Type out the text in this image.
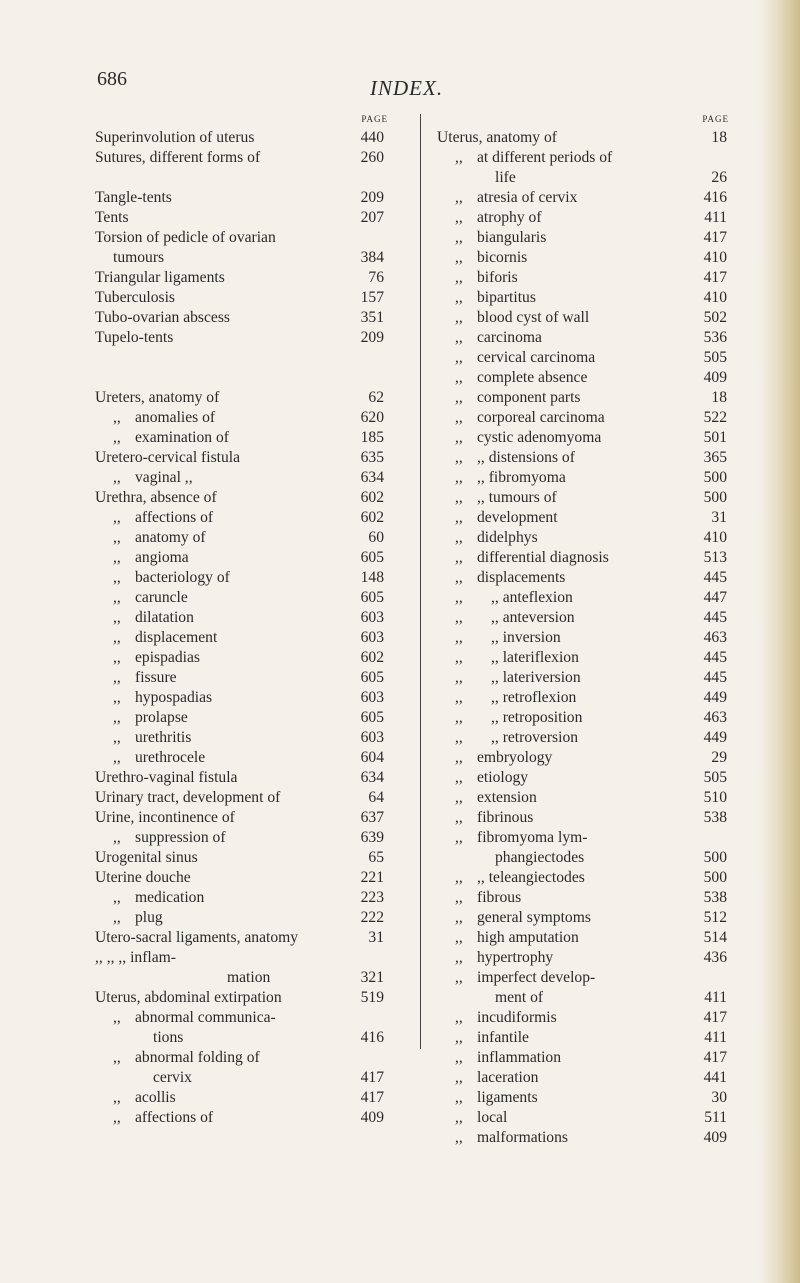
686	INDEX.
PAGE
Superinvolution of uterus	440
Sutures, different forms of	260
Tangle-tents	209
Tents	207
Torsion of pedicle of ovarian
tumours	384
Triangular ligaments	76
Tuberculosis	157
Tubo-ovarian abscess	351
Tupelo-tents	209
Ureters, anatomy of	62
,, anomalies of	620
,, examination of	185
Uretero-cervical fistula	635
,, vaginal ,,	634
Urethra, absence of	602
,, affections of	602
,, anatomy of	60
,, angioma	605
,, bacteriology of	148
,, caruncle	605
,, dilatation	603
,, displacement	603
,, epispadias	602
,, fissure	605
,, hypospadias	603
,, prolapse	605
,, urethritis	603
,, urethrocele	604
Urethro-vaginal fistula	634
Urinary tract, development of	64
Urine, incontinence of	637
,, suppression of	639
Urogenital sinus	65
Uterine douche	221
,, medication	223
,, plug	222
Utero-sacral ligaments, anatomy	31
,, ,, ,, inflam-
mation	321
Uterus, abdominal extirpation	519
,, abnormal communica-
tions	416
,, abnormal folding of
cervix	417
,, acollis	417
,, affections of	409
PAGE
Uterus, anatomy of	18
,, at different periods of
life	26
,, atresia of cervix	416
,, atrophy of	411
,, biangularis	417
,, bicornis	410
,, biforis	417
,, bipartitus	410
,, blood cyst of wall	502
,, carcinoma	536
,, cervical carcinoma	505
,, complete absence	409
,, component parts	18
,, corporeal carcinoma	522
,, cystic adenomyoma	501
,, ,, distensions of	365
,, ,, fibromyoma	500
,, ,, tumours of	500
,, development	31
,, didelphys	410
,, differential diagnosis	513
,, displacements	445
,, ,, anteflexion	447
,, ,, anteversion	445
,, ,, inversion	463
,, ,, lateriflexion	445
,, ,, lateriversion	445
,, ,, retroflexion	449
,, ,, retroposition	463
,, ,, retroversion	449
,, embryology	29
,, etiology	505
,, extension	510
,, fibrinous	538
,, fibromyoma lym-
phangiectodes	500
,, ,, teleangiectodes	500
,, fibrous	538
,, general symptoms	512
,, high amputation	514
,, hypertrophy	436
,, imperfect develop-
ment of	411
,, incudiformis	417
,, infantile	411
,, inflammation	417
,, laceration	441
,, ligaments	30
,, local	511
,, malformations	409
